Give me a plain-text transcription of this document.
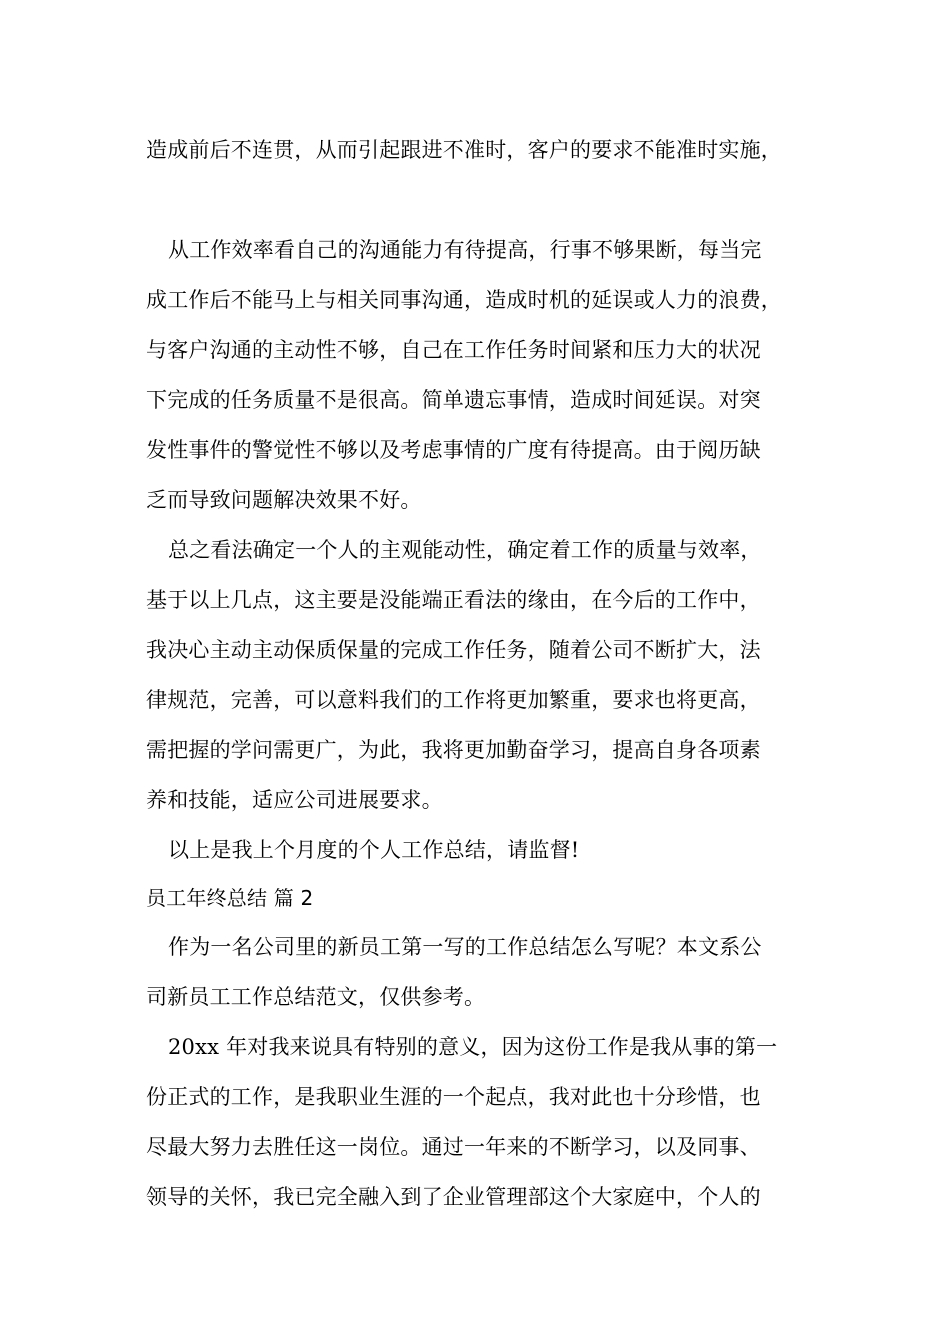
造成前后不连贯，从而引起跟进不准时，客户的要求不能准时实施，
从工作效率看自己的沟通能力有待提高，行事不够果断，每当完
成工作后不能马上与相关同事沟通，造成时机的延误或人力的浪费，
与客户沟通的主动性不够，自己在工作任务时间紧和压力大的状况
下完成的任务质量不是很高。简单遗忘事情，造成时间延误。对突
发性事件的警觉性不够以及考虑事情的广度有待提高。由于阅历缺
乏而导致问题解决效果不好。
总之看法确定一个人的主观能动性，确定着工作的质量与效率，
基于以上几点，这主要是没能端正看法的缘由，在今后的工作中，
我决心主动主动保质保量的完成工作任务，随着公司不断扩大，法
律规范，完善，可以意料我们的工作将更加繁重，要求也将更高，
需把握的学问需更广，为此，我将更加勤奋学习，提高自身各项素
养和技能，适应公司进展要求。
以上是我上个月度的个人工作总结，请监督!
员工年终总结 篇 2
作为一名公司里的新员工第一写的工作总结怎么写呢？本文系公
司新员工工作总结范文，仅供参考。
20xx 年对我来说具有特别的意义，因为这份工作是我从事的第一
份正式的工作，是我职业生涯的一个起点，我对此也十分珍惜，也
尽最大努力去胜任这一岗位。通过一年来的不断学习，以及同事、
领导的关怀，我已完全融入到了企业管理部这个大家庭中，个人的
